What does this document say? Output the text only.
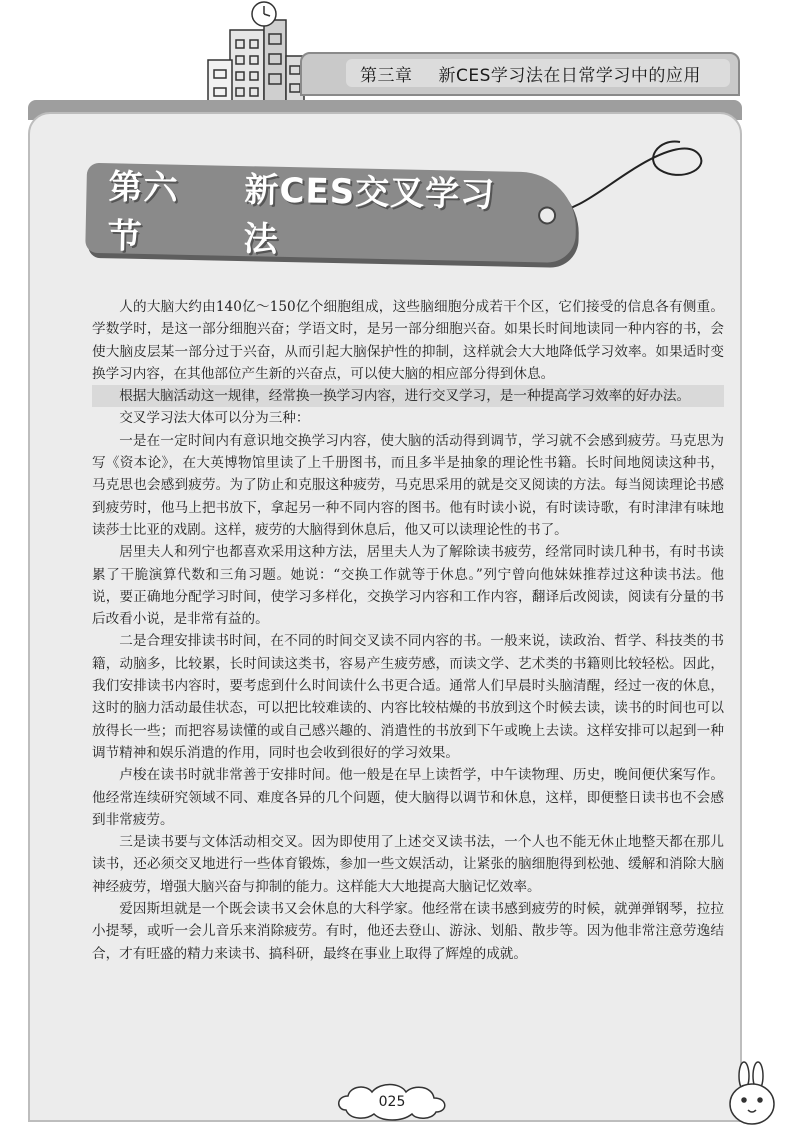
第三章 新CES学习法在日常学习中的应用
第六节
新CES交叉学习法

人的大脑大约由140亿～150亿个细胞组成，这些脑细胞分成若干个区，它们接受的信息各有侧重。学数学时，是这一部分细胞兴奋；学语文时，是另一部分细胞兴奋。如果长时间地读同一种内容的书，会使大脑皮层某一部分过于兴奋，从而引起大脑保护性的抑制，这样就会大大地降低学习效率。如果适时变换学习内容，在其他部位产生新的兴奋点，可以使大脑的相应部分得到休息。

根据大脑活动这一规律，经常换一换学习内容，进行交叉学习，是一种提高学习效率的好办法。

交叉学习法大体可以分为三种：

一是在一定时间内有意识地交换学习内容，使大脑的活动得到调节，学习就不会感到疲劳。马克思为写《资本论》，在大英博物馆里读了上千册图书，而且多半是抽象的理论性书籍。长时间地阅读这种书，马克思也会感到疲劳。为了防止和克服这种疲劳，马克思采用的就是交叉阅读的方法。每当阅读理论书感到疲劳时，他马上把书放下，拿起另一种不同内容的图书。他有时读小说，有时读诗歌，有时津津有味地读莎士比亚的戏剧。这样，疲劳的大脑得到休息后，他又可以读理论性的书了。

居里夫人和列宁也都喜欢采用这种方法，居里夫人为了解除读书疲劳，经常同时读几种书，有时书读累了干脆演算代数和三角习题。她说：“交换工作就等于休息。”列宁曾向他妹妹推荐过这种读书法。他说，要正确地分配学习时间，使学习多样化，交换学习内容和工作内容，翻译后改阅读，阅读有分量的书后改看小说，是非常有益的。

二是合理安排读书时间，在不同的时间交叉读不同内容的书。一般来说，读政治、哲学、科技类的书籍，动脑多，比较累，长时间读这类书，容易产生疲劳感，而读文学、艺术类的书籍则比较轻松。因此，我们安排读书内容时，要考虑到什么时间读什么书更合适。通常人们早晨时头脑清醒，经过一夜的休息，这时的脑力活动最佳状态，可以把比较难读的、内容比较枯燥的书放到这个时候去读，读书的时间也可以放得长一些；而把容易读懂的或自己感兴趣的、消遣性的书放到下午或晚上去读。这样安排可以起到一种调节精神和娱乐消遣的作用，同时也会收到很好的学习效果。

卢梭在读书时就非常善于安排时间。他一般是在早上读哲学，中午读物理、历史，晚间便伏案写作。他经常连续研究领域不同、难度各异的几个问题，使大脑得以调节和休息，这样，即便整日读书也不会感到非常疲劳。

三是读书要与文体活动相交叉。因为即使用了上述交叉读书法，一个人也不能无休止地整天都在那儿读书，还必须交叉地进行一些体育锻炼，参加一些文娱活动，让紧张的脑细胞得到松弛、缓解和消除大脑神经疲劳，增强大脑兴奋与抑制的能力。这样能大大地提高大脑记忆效率。

爱因斯坦就是一个既会读书又会休息的大科学家。他经常在读书感到疲劳的时候，就弹弹钢琴，拉拉小提琴，或听一会儿音乐来消除疲劳。有时，他还去登山、游泳、划船、散步等。因为他非常注意劳逸结合，才有旺盛的精力来读书、搞科研，最终在事业上取得了辉煌的成就。

025
